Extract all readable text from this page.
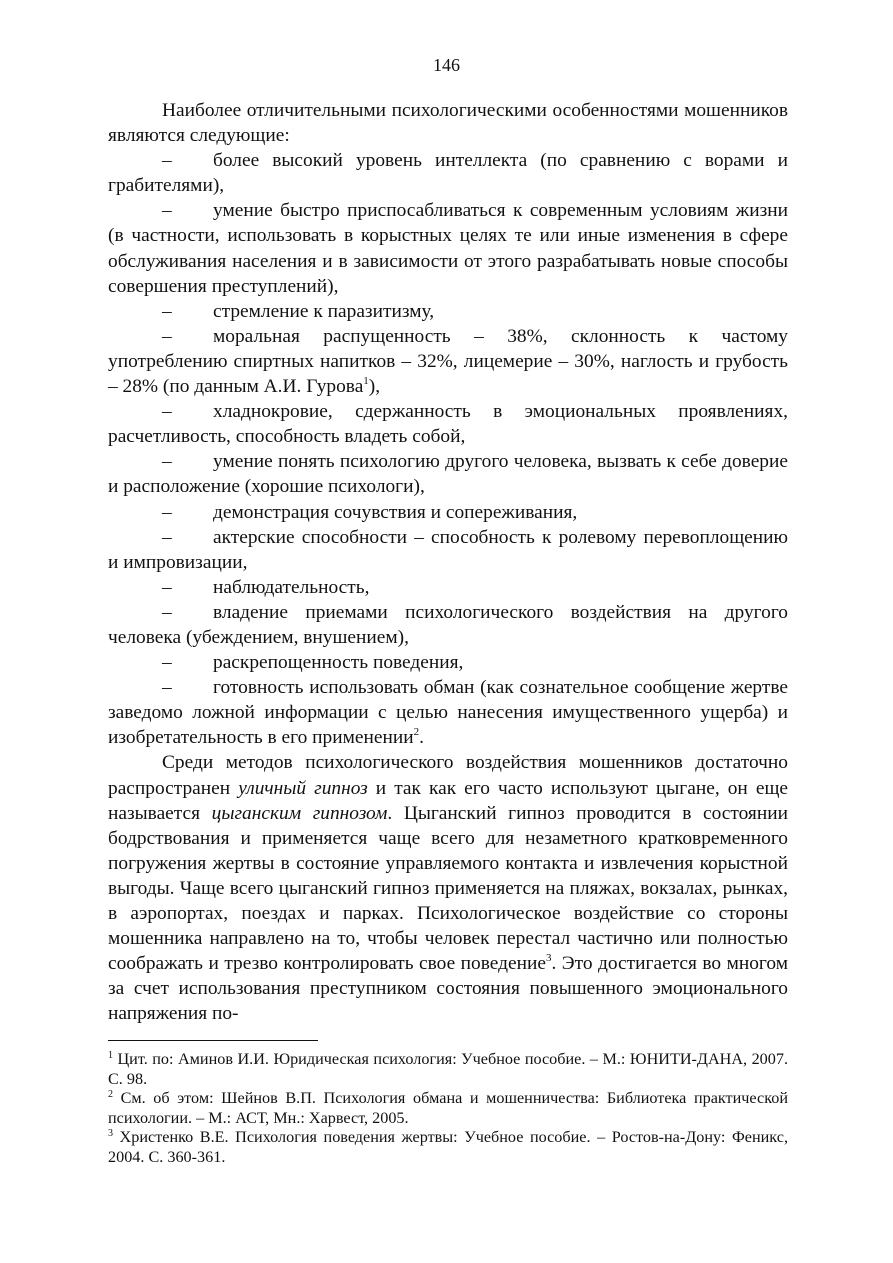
146

Наиболее отличительными психологическими особенностями мошенников являются следующие:

– более высокий уровень интеллекта (по сравнению с ворами и грабителями),

– умение быстро приспосабливаться к современным условиям жизни (в частности, использовать в корыстных целях те или иные изменения в сфере обслуживания населения и в зависимости от этого разрабатывать новые способы совершения преступлений),

– стремление к паразитизму,

– моральная распущенность – 38%, склонность к частому употреблению спиртных напитков – 32%, лицемерие – 30%, наглость и грубость – 28% (по данным А.И. Гурова$^1$),

– хладнокровие, сдержанность в эмоциональных проявлениях, расчетливость, способность владеть собой,

– умение понять психологию другого человека, вызвать к себе доверие и расположение (хорошие психологи),

– демонстрация сочувствия и сопереживания,

– актерские способности – способность к ролевому перевоплощению и импровизации,

– наблюдательность,

– владение приемами психологического воздействия на другого человека (убеждением, внушением),

– раскрепощенность поведения,

– готовность использовать обман (как сознательное сообщение жертве заведомо ложной информации с целью нанесения имущественного ущерба) и изобретательность в его применении$^2$.

Среди методов психологического воздействия мошенников достаточно распространен уличный гипноз и так как его часто используют цыгане, он еще называется цыганским гипнозом. Цыганский гипноз проводится в состоянии бодрствования и применяется чаще всего для незаметного кратковременного погружения жертвы в состояние управляемого контакта и извлечения корыстной выгоды. Чаще всего цыганский гипноз применяется на пляжах, вокзалах, рынках, в аэропортах, поездах и парках. Психологическое воздействие со стороны мошенника направлено на то, чтобы человек перестал частично или полностью соображать и трезво контролировать свое поведение$^3$. Это достигается во многом за счет использования преступником состояния повышенного эмоционального напряжения по-

$^1$ Цит. по: Аминов И.И. Юридическая психология: Учебное пособие. – М.: ЮНИТИ-ДАНА, 2007. С. 98.

$^2$ См. об этом: Шейнов В.П. Психология обмана и мошенничества: Библиотека практической психологии. – М.: АСТ, Мн.: Харвест, 2005.

$^3$ Христенко В.Е. Психология поведения жертвы: Учебное пособие. – Ростов-на-Дону: Феникс, 2004. С. 360-361.
